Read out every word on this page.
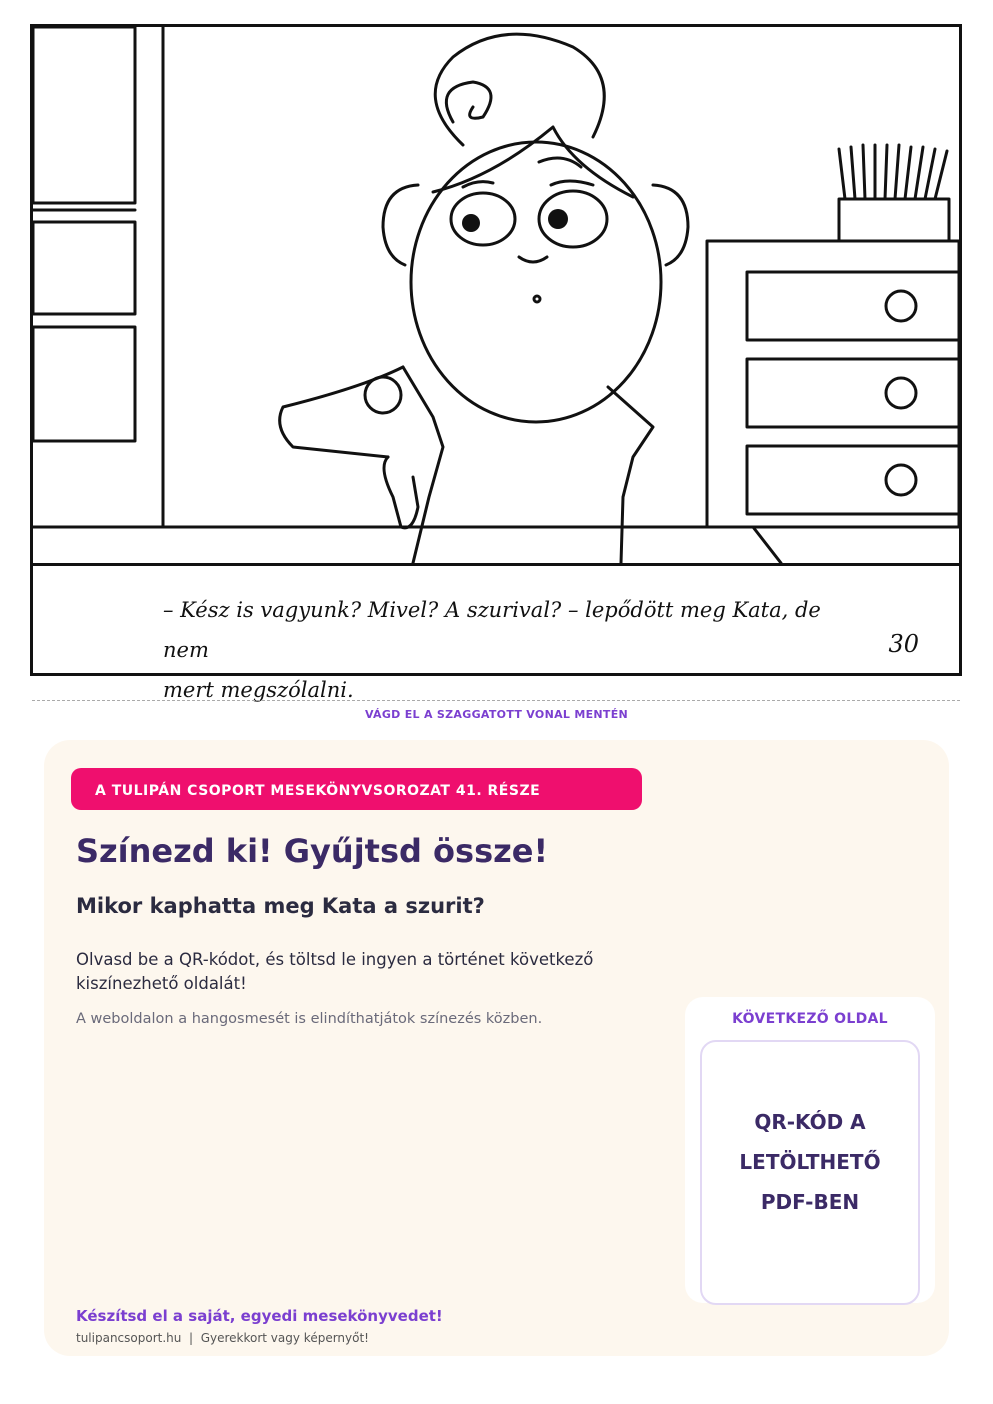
– Kész is vagyunk? Mivel? A szurival? – lepődött meg Kata, de nem
mert megszólalni.
30
VÁGD EL A SZAGGATOTT VONAL MENTÉN
A TULIPÁN CSOPORT MESEKÖNYVSOROZAT 41. RÉSZE
Színezd ki! Gyűjtsd össze!
Mikor kaphatta meg Kata a szurit?
Olvasd be a QR-kódot, és töltsd le ingyen a történet következő kiszínezhető oldalát!
A weboldalon a hangosmesét is elindíthatjátok színezés közben.	KÖVETKEZŐ OLDAL
QR-KÓD A
LETÖLTHETŐ
PDF-BEN
Készítsd el a saját, egyedi mesekönyvedet!
tulipancsoport.hu | Gyerekkort vagy képernyőt!
